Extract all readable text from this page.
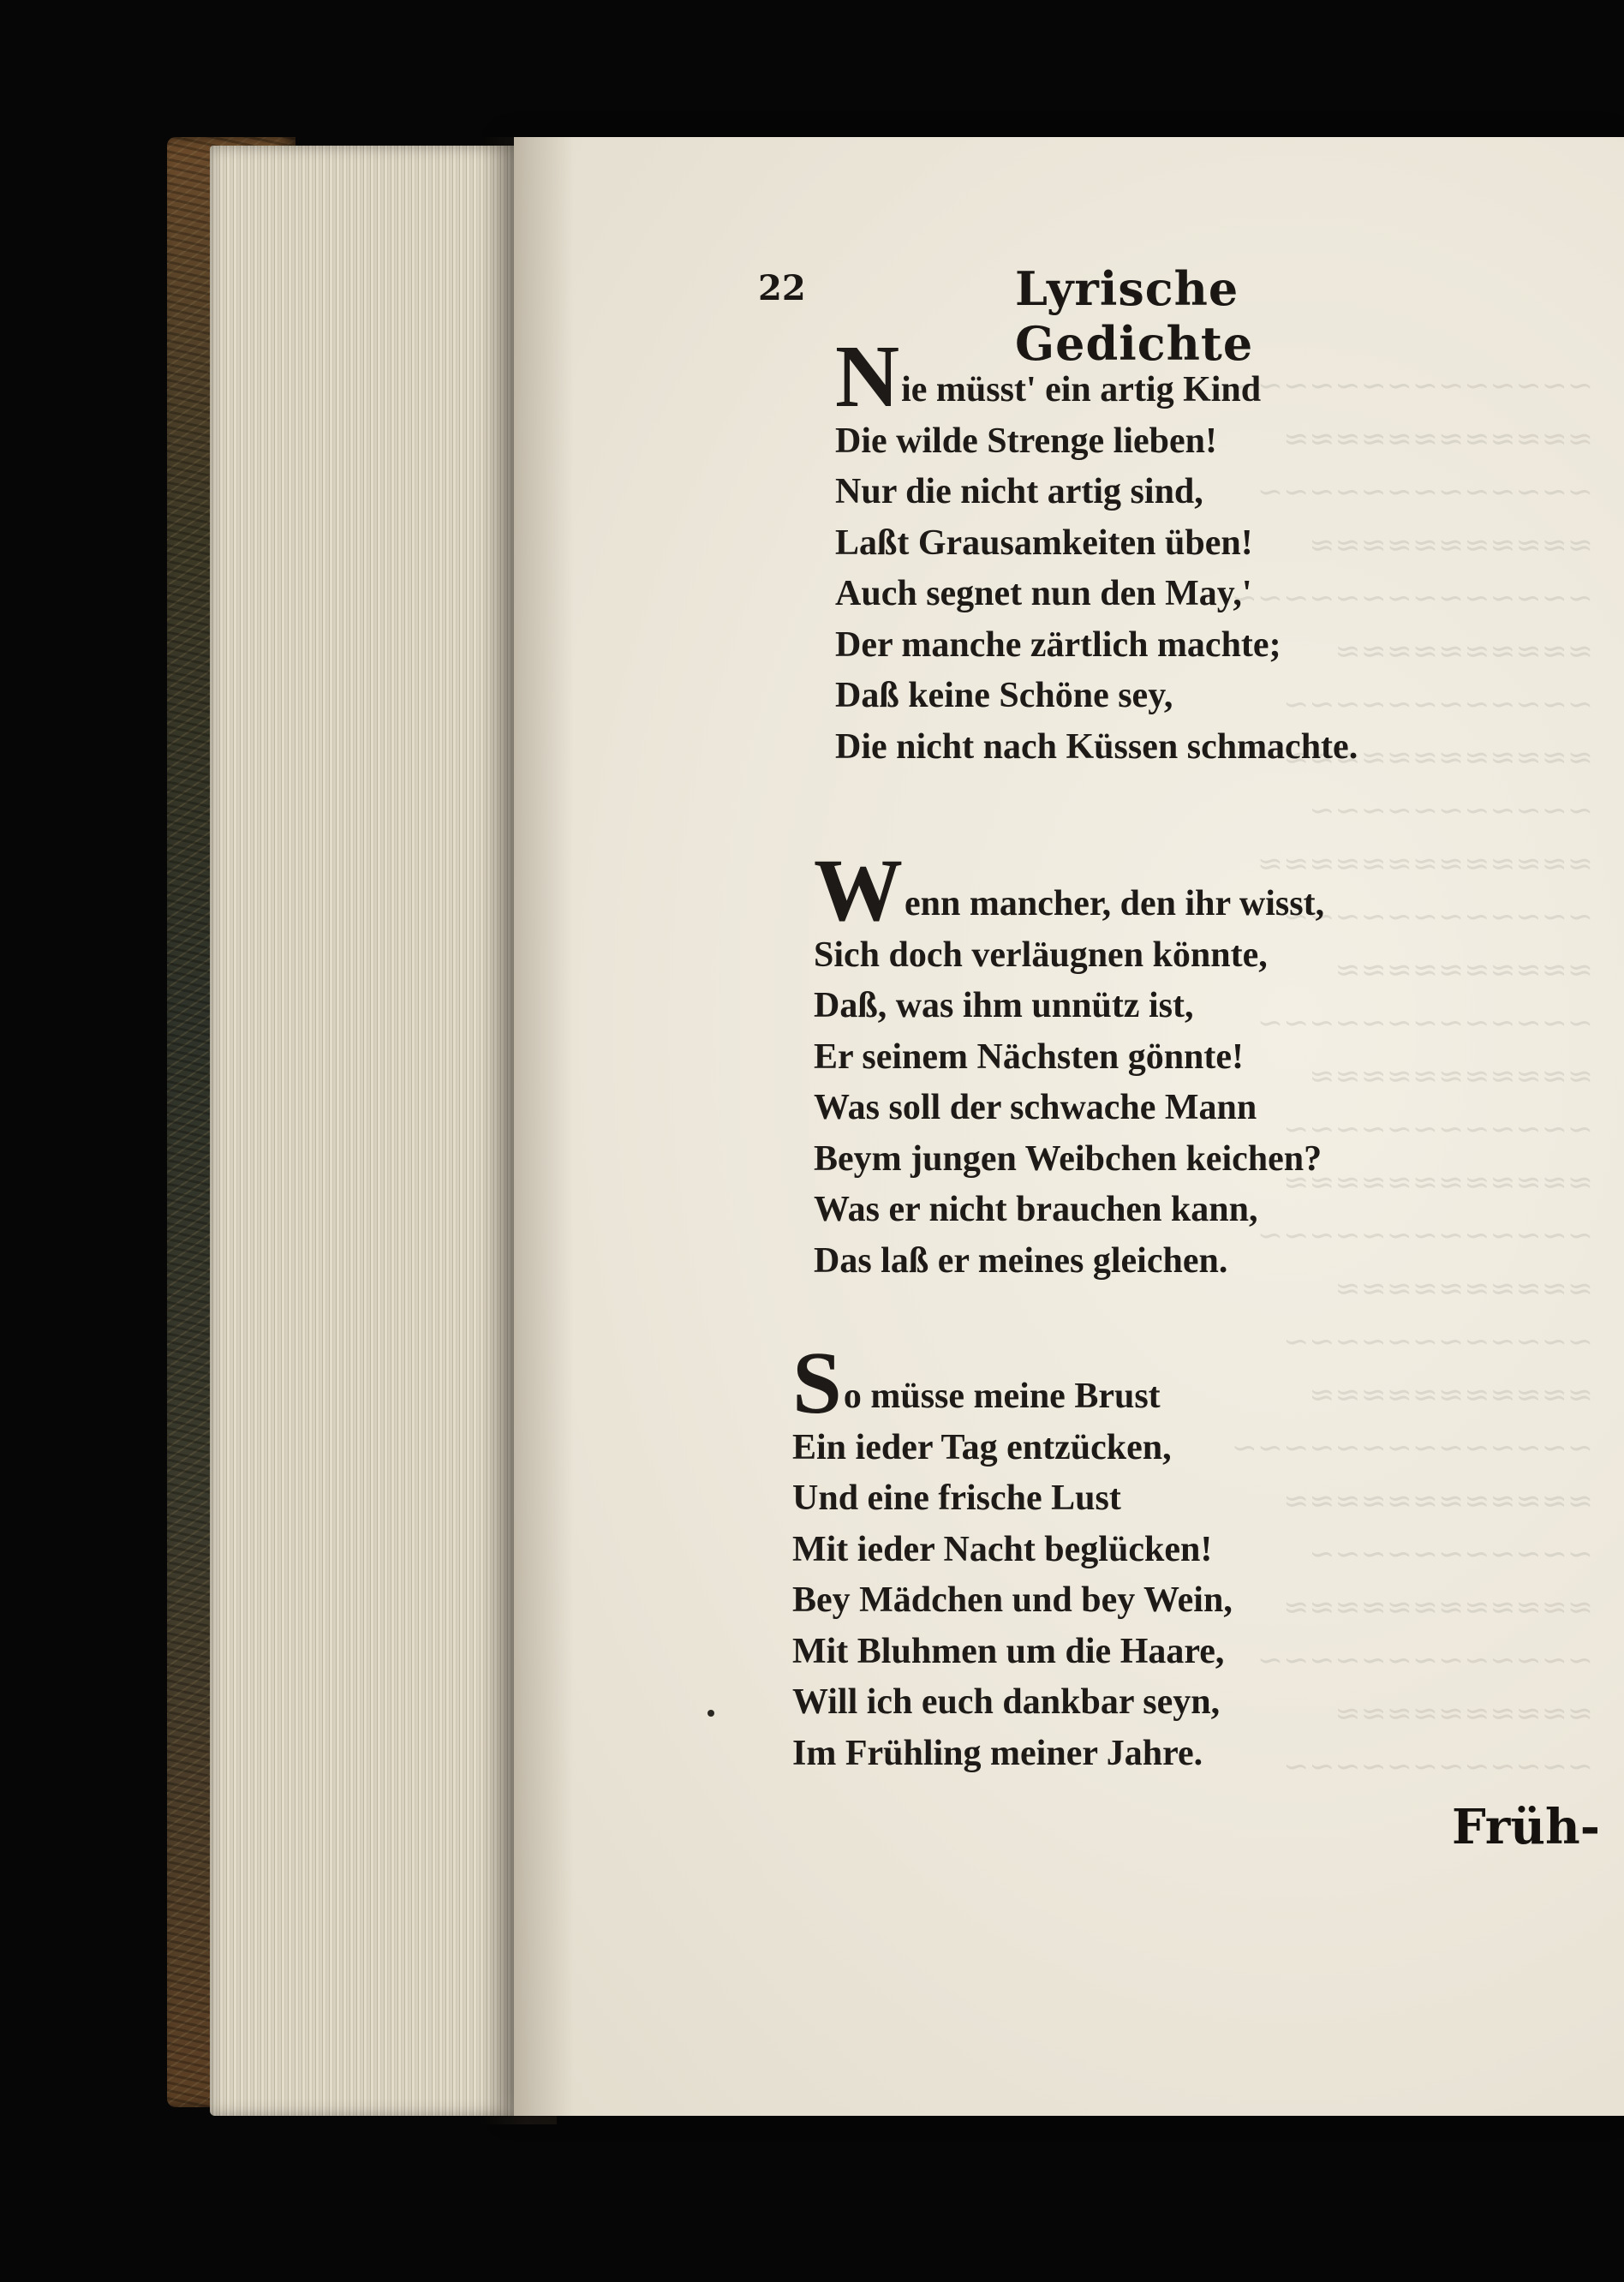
22	Lyrische Gedichte
Nie müsst' ein artig Kind
Die wilde Strenge lieben!
Nur die nicht artig sind,
Laßt Grausamkeiten üben!
Auch segnet nun den May,'
Der manche zärtlich machte;
Daß keine Schöne sey,
Die nicht nach Küssen schmachte.
Wenn mancher, den ihr wisst,
Sich doch verläugnen könnte,
Daß, was ihm unnütz ist,
Er seinem Nächsten gönnte!
Was soll der schwache Mann
Beym jungen Weibchen keichen?
Was er nicht brauchen kann,
Das laß er meines gleichen.
So müsse meine Brust
Ein ieder Tag entzücken,
Und eine frische Lust
Mit ieder Nacht beglücken!
Bey Mädchen und bey Wein,
Mit Bluhmen um die Haare,
Will ich euch dankbar seyn,
Im Frühling meiner Jahre.
Früh-
